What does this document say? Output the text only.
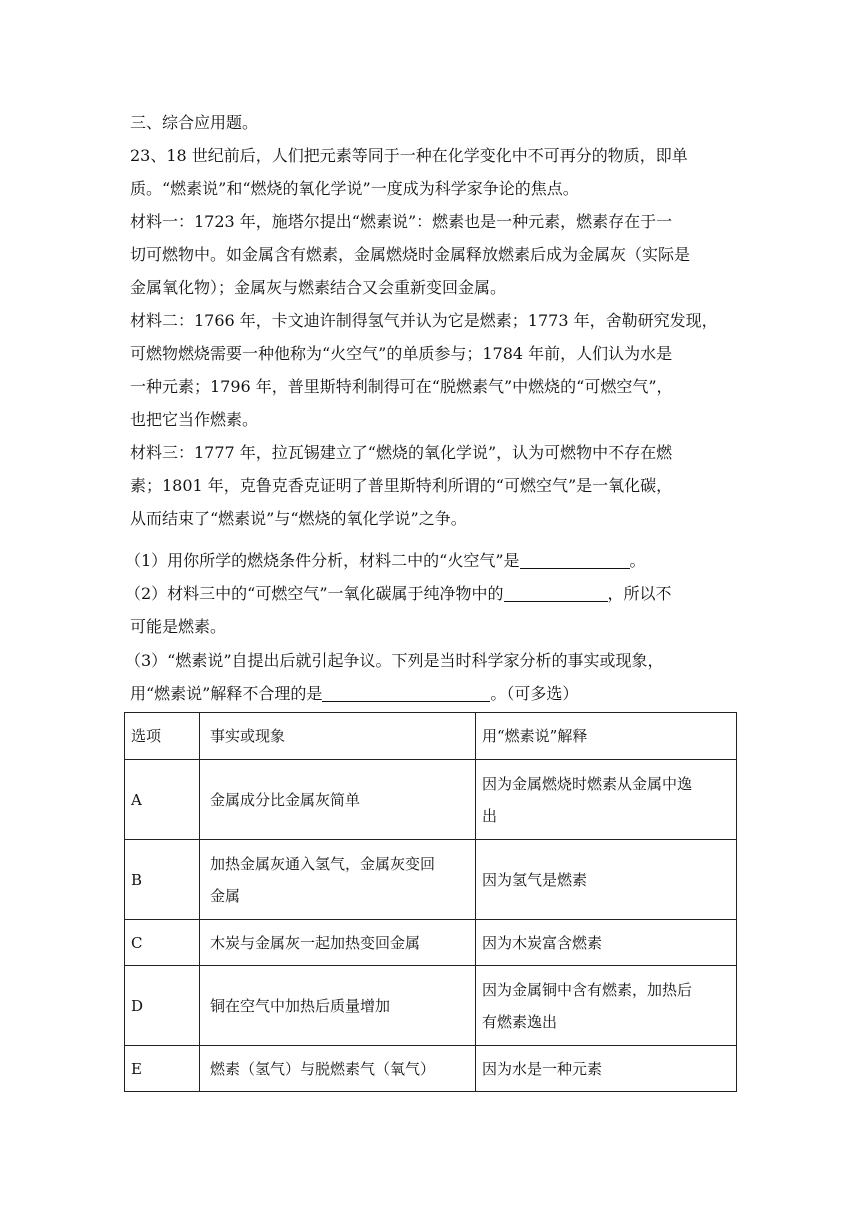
三、综合应用题。
23、18 世纪前后，人们把元素等同于一种在化学变化中不可再分的物质，即单
质。“燃素说”和“燃烧的氧化学说”一度成为科学家争论的焦点。
材料一：1723 年，施塔尔提出“燃素说”：燃素也是一种元素，燃素存在于一
切可燃物中。如金属含有燃素，金属燃烧时金属释放燃素后成为金属灰（实际是
金属氧化物）；金属灰与燃素结合又会重新变回金属。
材料二：1766 年，卡文迪许制得氢气并认为它是燃素；1773 年，舍勒研究发现，
可燃物燃烧需要一种他称为“火空气”的单质参与；1784 年前，人们认为水是
一种元素；1796 年，普里斯特利制得可在“脱燃素气”中燃烧的“可燃空气”，
也把它当作燃素。
材料三：1777 年，拉瓦锡建立了“燃烧的氧化学说”，认为可燃物中不存在燃
素；1801 年，克鲁克香克证明了普里斯特利所谓的“可燃空气”是一氧化碳，
从而结束了“燃素说”与“燃烧的氧化学说”之争。
（1）用你所学的燃烧条件分析，材料二中的“火空气”是	。
（2）材料三中的“可燃空气”一氧化碳属于纯净物中的	，所以不
可能是燃素。
（3）“燃素说”自提出后就引起争议。下列是当时科学家分析的事实或现象，
用“燃素说”解释不合理的是	。（可多选）
选项	事实或现象	用“燃素说”解释
A	金属成分比金属灰简单	因为金属燃烧时燃素从金属中逸
出

B	加热金属灰通入氢气，金属灰变回
金属	因为氢气是燃素

C	木炭与金属灰一起加热变回金属	因为木炭富含燃素

D	铜在空气中加热后质量增加	因为金属铜中含有燃素，加热后
有燃素逸出

E	燃素（氢气）与脱燃素气（氧气）	因为水是一种元素
